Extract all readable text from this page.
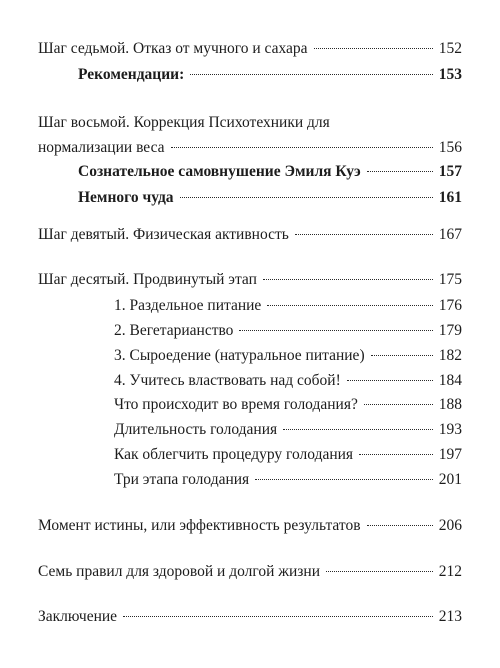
Шаг седьмой. Отказ от мучного и сахара	152
Рекомендации:	153
Шаг восьмой. Коррекция Психотехники для
нормализации веса	156
Сознательное самовнушение Эмиля Куэ	157
Немного чуда	161
Шаг девятый. Физическая активность	167
Шаг десятый. Продвинутый этап	175
1. Раздельное питание	176
2. Вегетарианство	179
3. Сыроедение (натуральное питание)	182
4. Учитесь властвовать над собой!	184
Что происходит во время голодания?	188
Длительность голодания	193
Как облегчить процедуру голодания	197
Три этапа голодания	201
Момент истины, или эффективность результатов	206
Семь правил для здоровой и долгой жизни	212
Заключение	213
